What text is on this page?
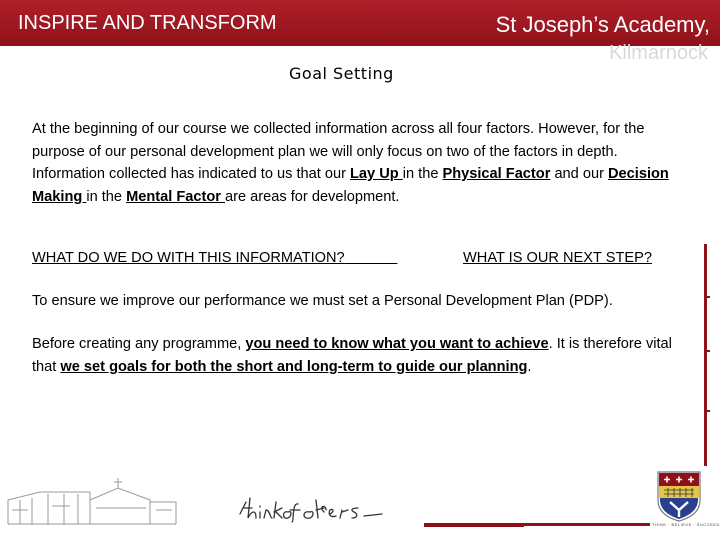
INSPIRE AND TRANSFORM	St Joseph’s Academy,
Kilmarnock
Goal Setting
At the beginning of our course we collected information across all four factors. However, for the purpose of our personal development plan we will only focus on two of the factors in depth. Information collected has indicated to us that our Lay Up in the Physical Factor and our Decision Making in the Mental Factor are areas for development.
WHAT DO WE DO WITH THIS INFORMATION?	WHAT IS OUR NEXT STEP?
To ensure we improve our performance we must set a Personal Development Plan (PDP).
Before creating any programme, you need to know what you want to achieve. It is therefore vital that we set goals for both the short and long-term to guide our planning.
THINK · BELIEVE · SUCCEED
